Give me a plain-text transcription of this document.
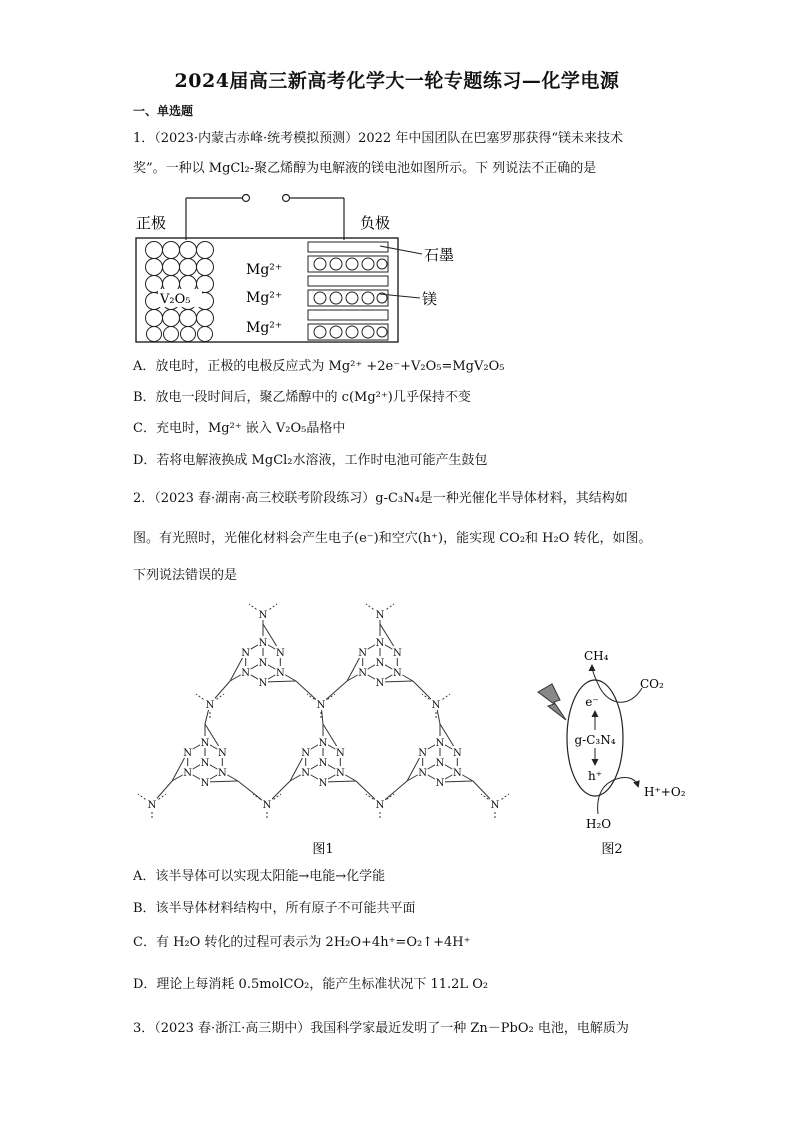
2024届高三新高考化学大一轮专题练习—化学电源
一、单选题
1．（2023·内蒙古赤峰·统考模拟预测）2022 年中国团队在巴塞罗那获得“镁未来技术
奖”。一种以 MgCl₂-聚乙烯醇为电解液的镁电池如图所示。下 列说法不正确的是
正极	负极
V₂O₅
Mg²⁺
Mg²⁺
Mg²⁺
石墨
镁
A．放电时，正极的电极反应式为 Mg²⁺ +2e⁻+V₂O₅=MgV₂O₅
B．放电一段时间后，聚乙烯醇中的 c(Mg²⁺)几乎保持不变
C．充电时，Mg²⁺ 嵌入 V₂O₅晶格中
D．若将电解液换成 MgCl₂水溶液，工作时电池可能产生鼓包
2．（2023 春·湖南·高三校联考阶段练习）g-C₃N₄是一种光催化半导体材料，其结构如
图。有光照时，光催化材料会产生电子(e⁻)和空穴(h⁺)，能实现 CO₂和 H₂O 转化，如图。
下列说法错误的是
N
N
N
N
N
N
N
N
N
N
N
N
N
N
N
N
N
N
N
N
N
N
N
N
N
N
N
N
N
N
N
N
N
N
N
N	N
N	N	N
N	N	N	N
图1
e⁻
g-C₃N₄
h⁺
CH₄
CO₂
H⁺+O₂
H₂O
图2
A．该半导体可以实现太阳能→电能→化学能
B．该半导体材料结构中，所有原子不可能共平面
C．有 H₂O 转化的过程可表示为 2H₂O+4h⁺=O₂↑+4H⁺
D．理论上每消耗 0.5molCO₂，能产生标准状况下 11.2L O₂
3．（2023 春·浙江·高三期中）我国科学家最近发明了一种 Zn－PbO₂ 电池，电解质为
